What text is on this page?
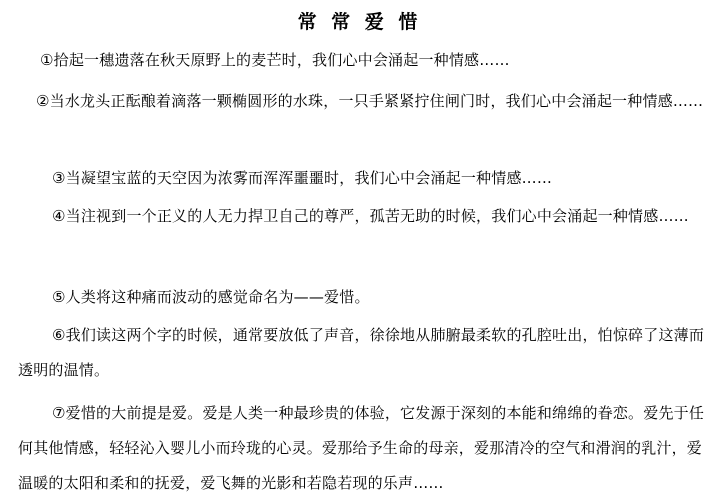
常 常 爱 惜
①拾起一穗遗落在秋天原野上的麦芒时，我们心中会涌起一种情感……
②当水龙头正酝酿着滴落一颗椭圆形的水珠，一只手紧紧拧住闸门时，我们心中会涌起一种情感……
③当凝望宝蓝的天空因为浓雾而浑浑噩噩时，我们心中会涌起一种情感……
④当注视到一个正义的人无力捍卫自己的尊严，孤苦无助的时候，我们心中会涌起一种情感……
⑤人类将这种痛而波动的感觉命名为——爱惜。
⑥我们读这两个字的时候，通常要放低了声音，徐徐地从肺腑最柔软的孔腔吐出，怕惊碎了这薄而透明的温情。
⑦爱惜的大前提是爱。爱是人类一种最珍贵的体验，它发源于深刻的本能和绵绵的眷恋。爱先于任何其他情感，轻轻沁入婴儿小而玲珑的心灵。爱那给予生命的母亲，爱那清冷的空气和滑润的乳汁，爱温暖的太阳和柔和的抚爱，爱飞舞的光影和若隐若现的乐声……
